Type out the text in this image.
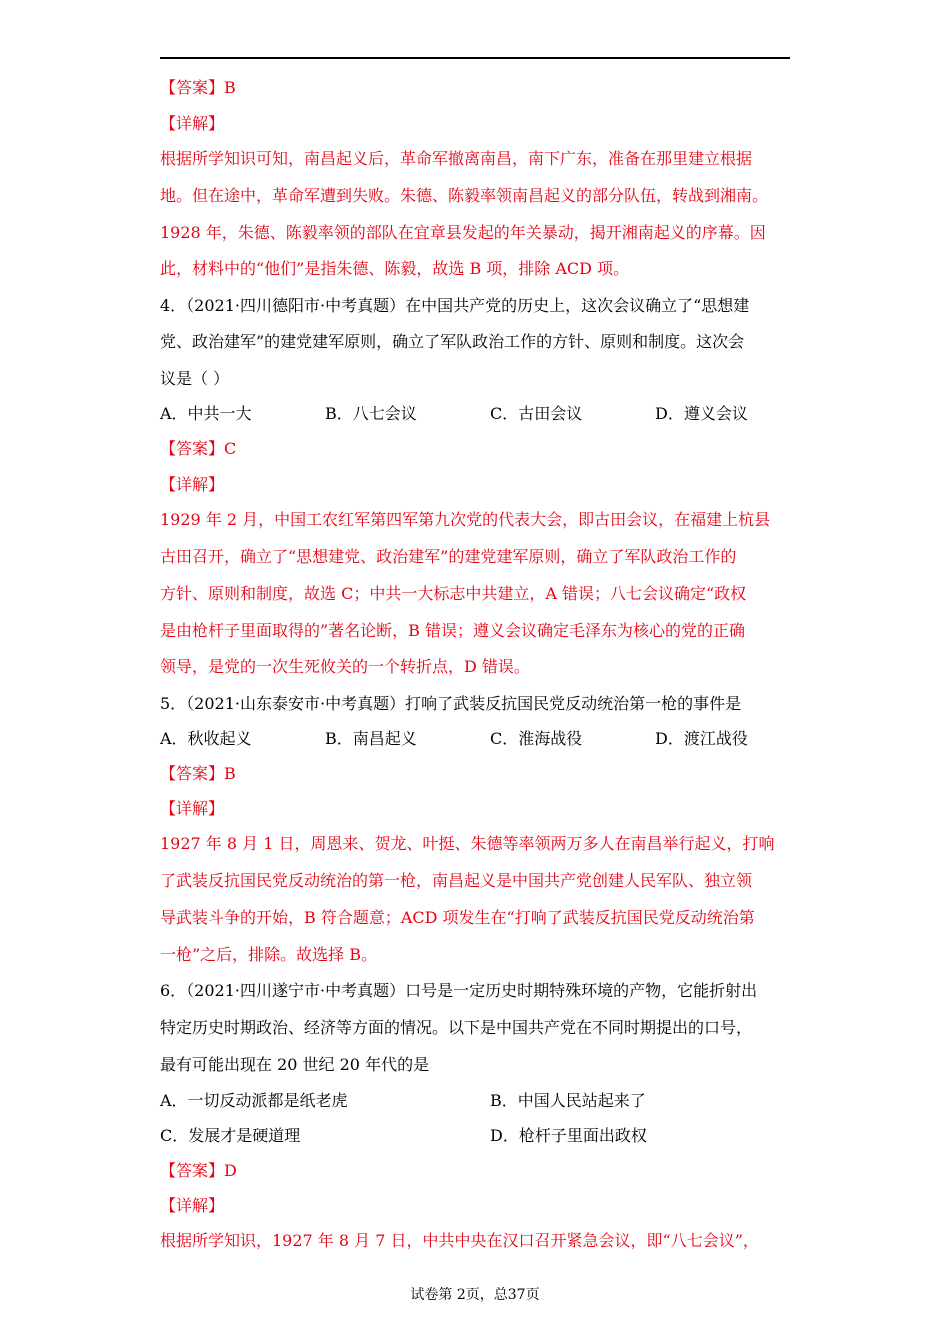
【答案】B
【详解】
根据所学知识可知，南昌起义后，革命军撤离南昌，南下广东，准备在那里建立根据
地。但在途中，革命军遭到失败。朱德、陈毅率领南昌起义的部分队伍，转战到湘南。
1928 年，朱德、陈毅率领的部队在宜章县发起的年关暴动，揭开湘南起义的序幕。因
此，材料中的“他们”是指朱德、陈毅，故选 B 项，排除 ACD 项。
4．（2021·四川德阳市·中考真题）在中国共产党的历史上，这次会议确立了“思想建
党、政治建军”的建党建军原则，确立了军队政治工作的方针、原则和制度。这次会
议是（ ）
A．中共一大	B．八七会议	C．古田会议	D．遵义会议
【答案】C
【详解】
1929 年 2 月，中国工农红军第四军第九次党的代表大会，即古田会议，在福建上杭县
古田召开，确立了“思想建党、政治建军”的建党建军原则，确立了军队政治工作的
方针、原则和制度，故选 C；中共一大标志中共建立，A 错误；八七会议确定“政权
是由枪杆子里面取得的”著名论断，B 错误；遵义会议确定毛泽东为核心的党的正确
领导，是党的一次生死攸关的一个转折点，D 错误。
5．（2021·山东泰安市·中考真题）打响了武装反抗国民党反动统治第一枪的事件是
A．秋收起义	B．南昌起义	C．淮海战役	D．渡江战役
【答案】B
【详解】
1927 年 8 月 1 日，周恩来、贺龙、叶挺、朱德等率领两万多人在南昌举行起义，打响
了武装反抗国民党反动统治的第一枪，南昌起义是中国共产党创建人民军队、独立领
导武装斗争的开始，B 符合题意；ACD 项发生在“打响了武装反抗国民党反动统治第
一枪”之后，排除。故选择 B。
6．（2021·四川遂宁市·中考真题）口号是一定历史时期特殊环境的产物，它能折射出
特定历史时期政治、经济等方面的情况。以下是中国共产党在不同时期提出的口号，
最有可能出现在 20 世纪 20 年代的是
A．一切反动派都是纸老虎	B．中国人民站起来了
C．发展才是硬道理	D．枪杆子里面出政权
【答案】D
【详解】
根据所学知识，1927 年 8 月 7 日，中共中央在汉口召开紧急会议，即“八七会议”，
试卷第 2页，总37页
